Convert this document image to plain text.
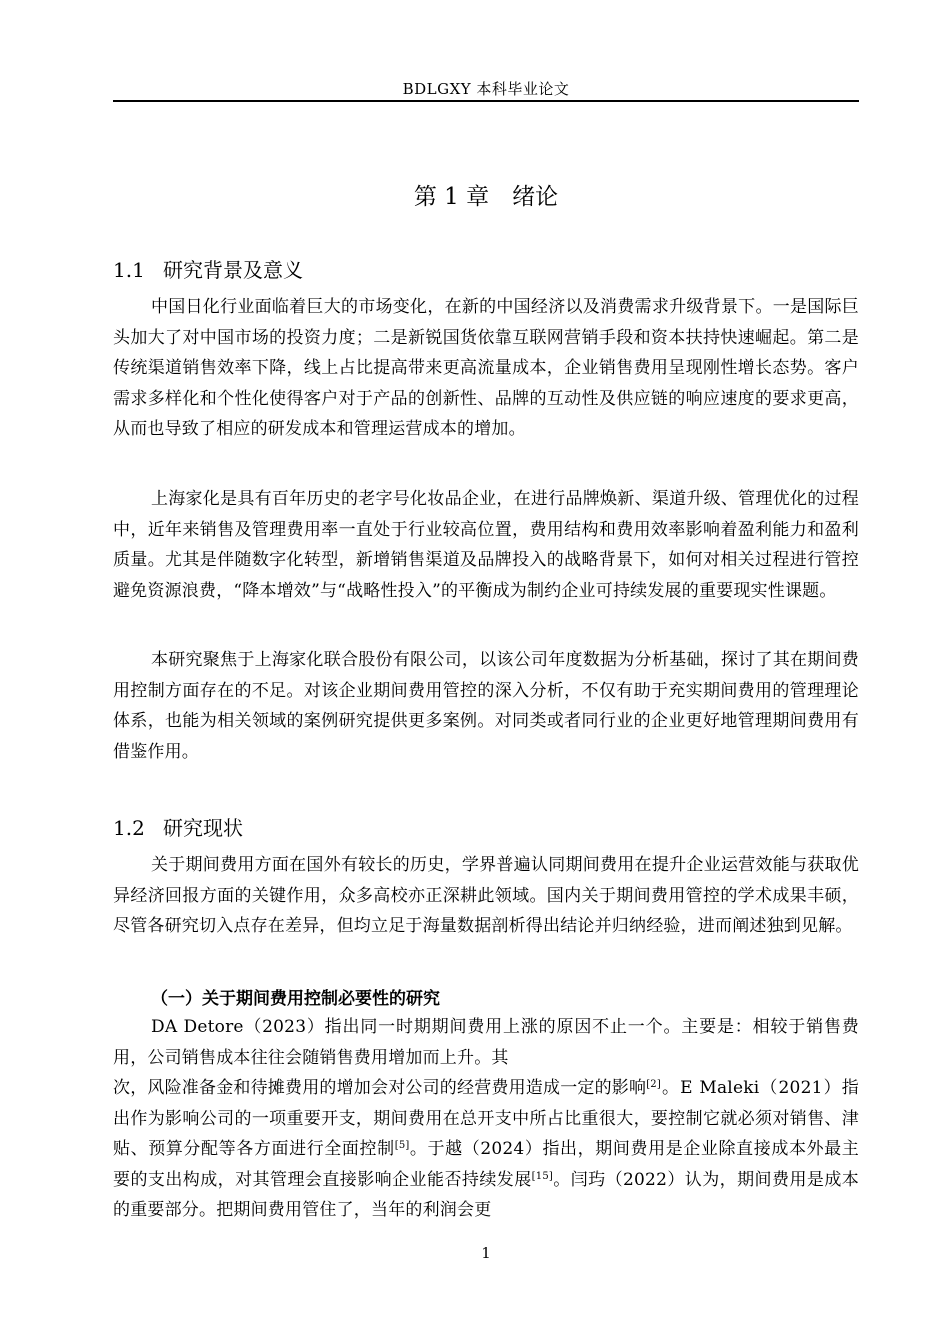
BDLGXY 本科毕业论文
第 1 章　绪论
1.1 研究背景及意义

中国日化行业面临着巨大的市场变化，在新的中国经济以及消费需求升级背景下。一是国际巨头加大了对中国市场的投资力度；二是新锐国货依靠互联网营销手段和资本扶持快速崛起。第二是传统渠道销售效率下降，线上占比提高带来更高流量成本，企业销售费用呈现刚性增长态势。客户需求多样化和个性化使得客户对于产品的创新性、品牌的互动性及供应链的响应速度的要求更高，从而也导致了相应的研发成本和管理运营成本的增加。

上海家化是具有百年历史的老字号化妆品企业，在进行品牌焕新、渠道升级、管理优化的过程中，近年来销售及管理费用率一直处于行业较高位置，费用结构和费用效率影响着盈利能力和盈利质量。尤其是伴随数字化转型，新增销售渠道及品牌投入的战略背景下，如何对相关过程进行管控避免资源浪费，“降本增效”与“战略性投入”的平衡成为制约企业可持续发展的重要现实性课题。

本研究聚焦于上海家化联合股份有限公司，以该公司年度数据为分析基础，探讨了其在期间费用控制方面存在的不足。对该企业期间费用管控的深入分析，不仅有助于充实期间费用的管理理论体系，也能为相关领域的案例研究提供更多案例。对同类或者同行业的企业更好地管理期间费用有借鉴作用。

1.2 研究现状

关于期间费用方面在国外有较长的历史，学界普遍认同期间费用在提升企业运营效能与获取优异经济回报方面的关键作用，众多高校亦正深耕此领域。国内关于期间费用管控的学术成果丰硕，尽管各研究切入点存在差异，但均立足于海量数据剖析得出结论并归纳经验，进而阐述独到见解。

（一）关于期间费用控制必要性的研究

DA Detore（2023）指出同一时期期间费用上涨的原因不止一个。主要是：相较于销售费用，公司销售成本往往会随销售费用增加而上升。其
次，风险准备金和待摊费用的增加会对公司的经营费用造成一定的影响[2]。E Maleki（2021）指出作为影响公司的一项重要开支，期间费用在总开支中所占比重很大，要控制它就必须对销售、津贴、预算分配等各方面进行全面控制[5]。于越（2024）指出，期间费用是企业除直接成本外最主要的支出构成，对其管理会直接影响企业能否持续发展[15]。闫玙（2022）认为，期间费用是成本的重要部分。把期间费用管住了，当年的利润会更

1
